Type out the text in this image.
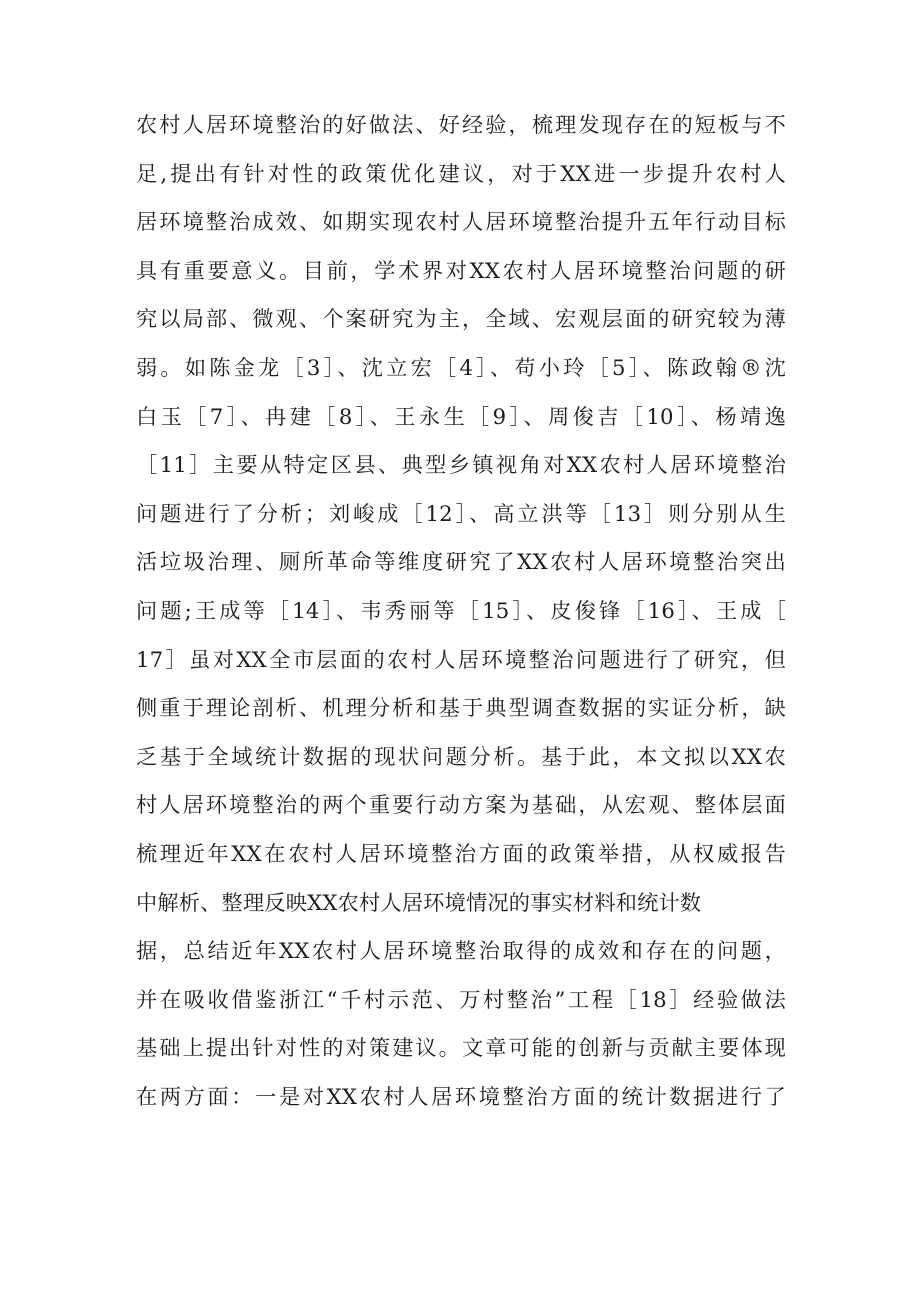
农村人居环境整治的好做法、好经验，梳理发现存在的短板与不
足,提出有针对性的政策优化建议，对于XX进一步提升农村人
居环境整治成效、如期实现农村人居环境整治提升五年行动目标
具有重要意义。目前，学术界对XX农村人居环境整治问题的研
究以局部、微观、个案研究为主，全域、宏观层面的研究较为薄
弱。如陈金龙［3］、沈立宏［4］、苟小玲［5］、陈政翰®沈
白玉［7］、冉建［8］、王永生［9］、周俊吉［10］、杨靖逸
［11］主要从特定区县、典型乡镇视角对XX农村人居环境整治
问题进行了分析；刘峻成［12］、高立洪等［13］则分别从生
活垃圾治理、厕所革命等维度研究了XX农村人居环境整治突出
问题;王成等［14］、韦秀丽等［15］、皮俊锋［16］、王成［
17］虽对XX全市层面的农村人居环境整治问题进行了研究，但
侧重于理论剖析、机理分析和基于典型调查数据的实证分析，缺
乏基于全域统计数据的现状问题分析。基于此，本文拟以XX农
村人居环境整治的两个重要行动方案为基础，从宏观、整体层面
梳理近年XX在农村人居环境整治方面的政策举措，从权威报告
中解析、整理反映XX农村人居环境情况的事实材料和统计数
据，总结近年XX农村人居环境整治取得的成效和存在的问题，
并在吸收借鉴浙江“千村示范、万村整治”工程［18］经验做法
基础上提出针对性的对策建议。文章可能的创新与贡献主要体现
在两方面：一是对XX农村人居环境整治方面的统计数据进行了
